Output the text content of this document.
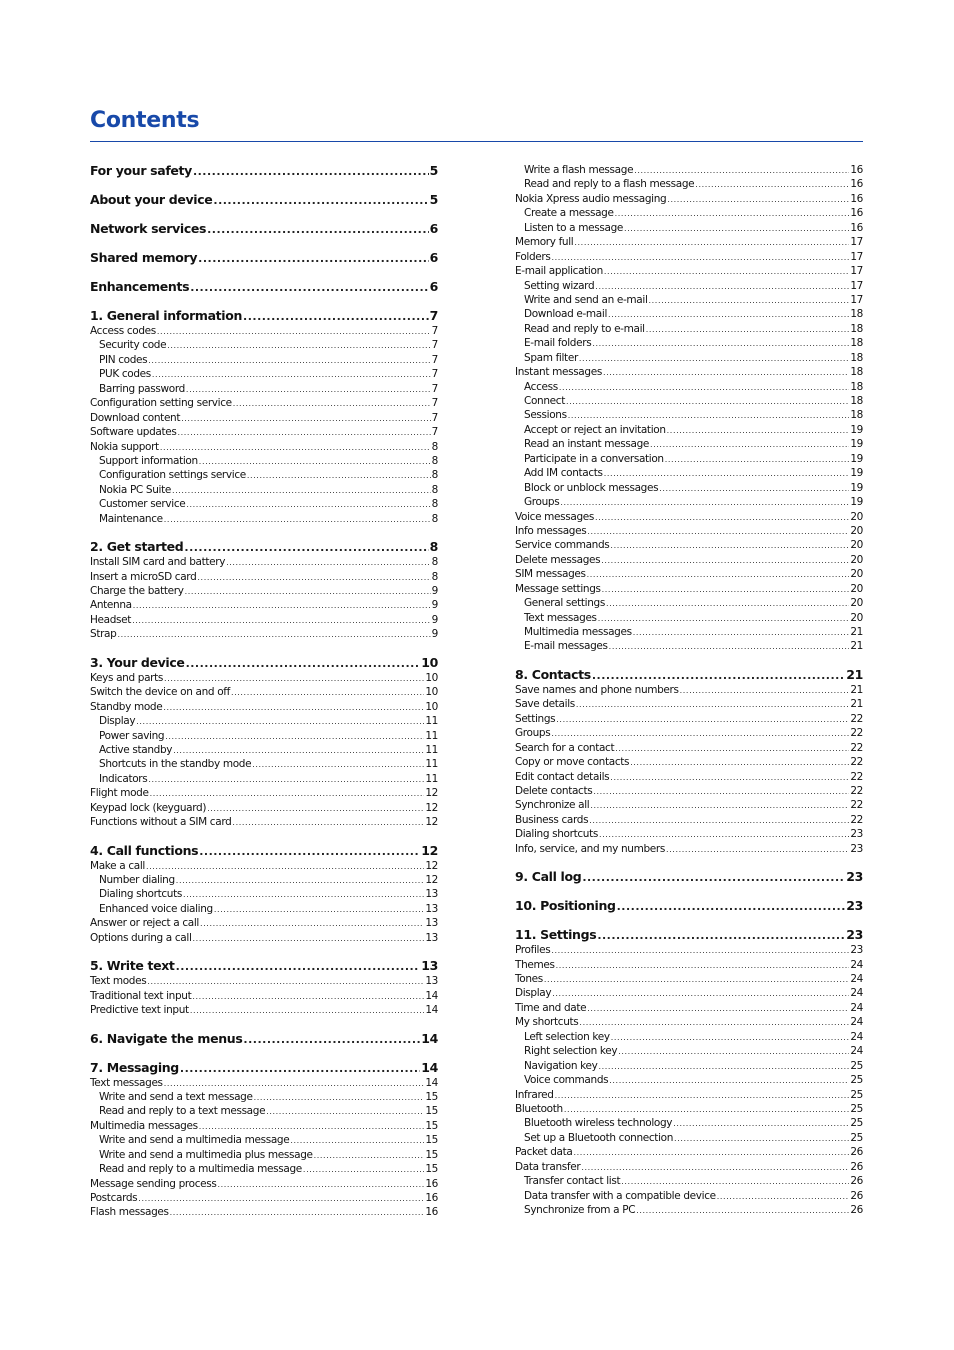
Contents
For your safety .....	5
About your device .....	5
Network services .....	6
Shared memory .....	6
Enhancements .....	6
1. General information .....	7
Access codes .....	7
Security code .....	7
PIN codes .....	7
PUK codes .....	7
Barring password .....	7
Configuration setting service .....	7
Download content .....	7
Software updates .....	7
Nokia support .....	8
Support information .....	8
Configuration settings service .....	8
Nokia PC Suite .....	8
Customer service .....	8
Maintenance .....	8
2. Get started .....	8
Install SIM card and battery .....	8
Insert a microSD card .....	8
Charge the battery .....	9
Antenna .....	9
Headset .....	9
Strap .....	9
3. Your device .....	10
Keys and parts .....	10
Switch the device on and off .....	10
Standby mode .....	10
Display .....	11
Power saving .....	11
Active standby .....	11
Shortcuts in the standby mode .....	11
Indicators .....	11
Flight mode .....	12
Keypad lock (keyguard) .....	12
Functions without a SIM card .....	12
4. Call functions .....	12
Make a call .....	12
Number dialing .....	12
Dialing shortcuts .....	13
Enhanced voice dialing .....	13
Answer or reject a call .....	13
Options during a call .....	13
5. Write text .....	13
Text modes .....	13
Traditional text input .....	14
Predictive text input .....	14
6. Navigate the menus .....	14
7. Messaging .....	14
Text messages .....	14
Write and send a text message .....	15
Read and reply to a text message .....	15
Multimedia messages .....	15
Write and send a multimedia message .....	15
Write and send a multimedia plus message .....	15
Read and reply to a multimedia message .....	15
Message sending process .....	16
Postcards .....	16
Flash messages .....	16
Write a flash message .....	16
Read and reply to a flash message .....	16
Nokia Xpress audio messaging .....	16
Create a message .....	16
Listen to a message .....	16
Memory full .....	17
Folders .....	17
E-mail application .....	17
Setting wizard .....	17
Write and send an e-mail .....	17
Download e-mail .....	18
Read and reply to e-mail .....	18
E-mail folders .....	18
Spam filter .....	18
Instant messages .....	18
Access .....	18
Connect .....	18
Sessions .....	18
Accept or reject an invitation .....	19
Read an instant message .....	19
Participate in a conversation .....	19
Add IM contacts .....	19
Block or unblock messages .....	19
Groups .....	19
Voice messages .....	20
Info messages .....	20
Service commands .....	20
Delete messages .....	20
SIM messages .....	20
Message settings .....	20
General settings .....	20
Text messages .....	20
Multimedia messages .....	21
E-mail messages .....	21
8. Contacts .....	21
Save names and phone numbers .....	21
Save details .....	21
Settings .....	22
Groups .....	22
Search for a contact .....	22
Copy or move contacts .....	22
Edit contact details .....	22
Delete contacts .....	22
Synchronize all .....	22
Business cards .....	22
Dialing shortcuts .....	23
Info, service, and my numbers .....	23
9. Call log .....	23
10. Positioning .....	23
11. Settings .....	23
Profiles .....	23
Themes .....	24
Tones .....	24
Display .....	24
Time and date .....	24
My shortcuts .....	24
Left selection key .....	24
Right selection key .....	24
Navigation key .....	25
Voice commands .....	25
Infrared .....	25
Bluetooth .....	25
Bluetooth wireless technology .....	25
Set up a Bluetooth connection .....	25
Packet data .....	26
Data transfer .....	26
Transfer contact list .....	26
Data transfer with a compatible device .....	26
Synchronize from a PC .....	26
